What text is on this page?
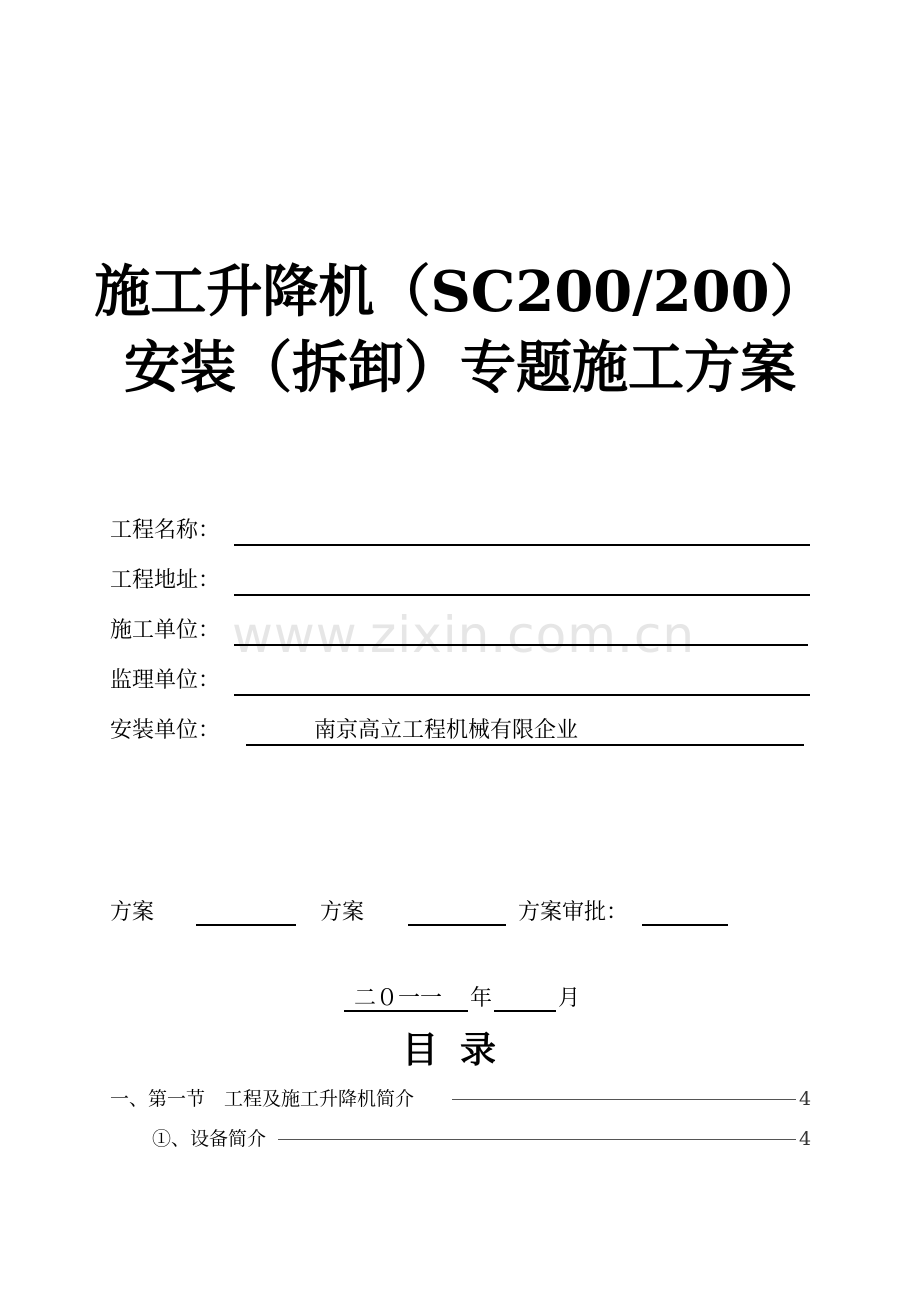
施工升降机（SC200/200）
安装（拆卸）专题施工方案
www.zixin.com.cn
工程名称：
工程地址：
施工单位：
监理单位：
安装单位：	南京高立工程机械有限企业
方案	方案	方案审批：
二０一一 年	月
目录
一、第一节　工程及施工升降机简介	4
①、设备简介	4
